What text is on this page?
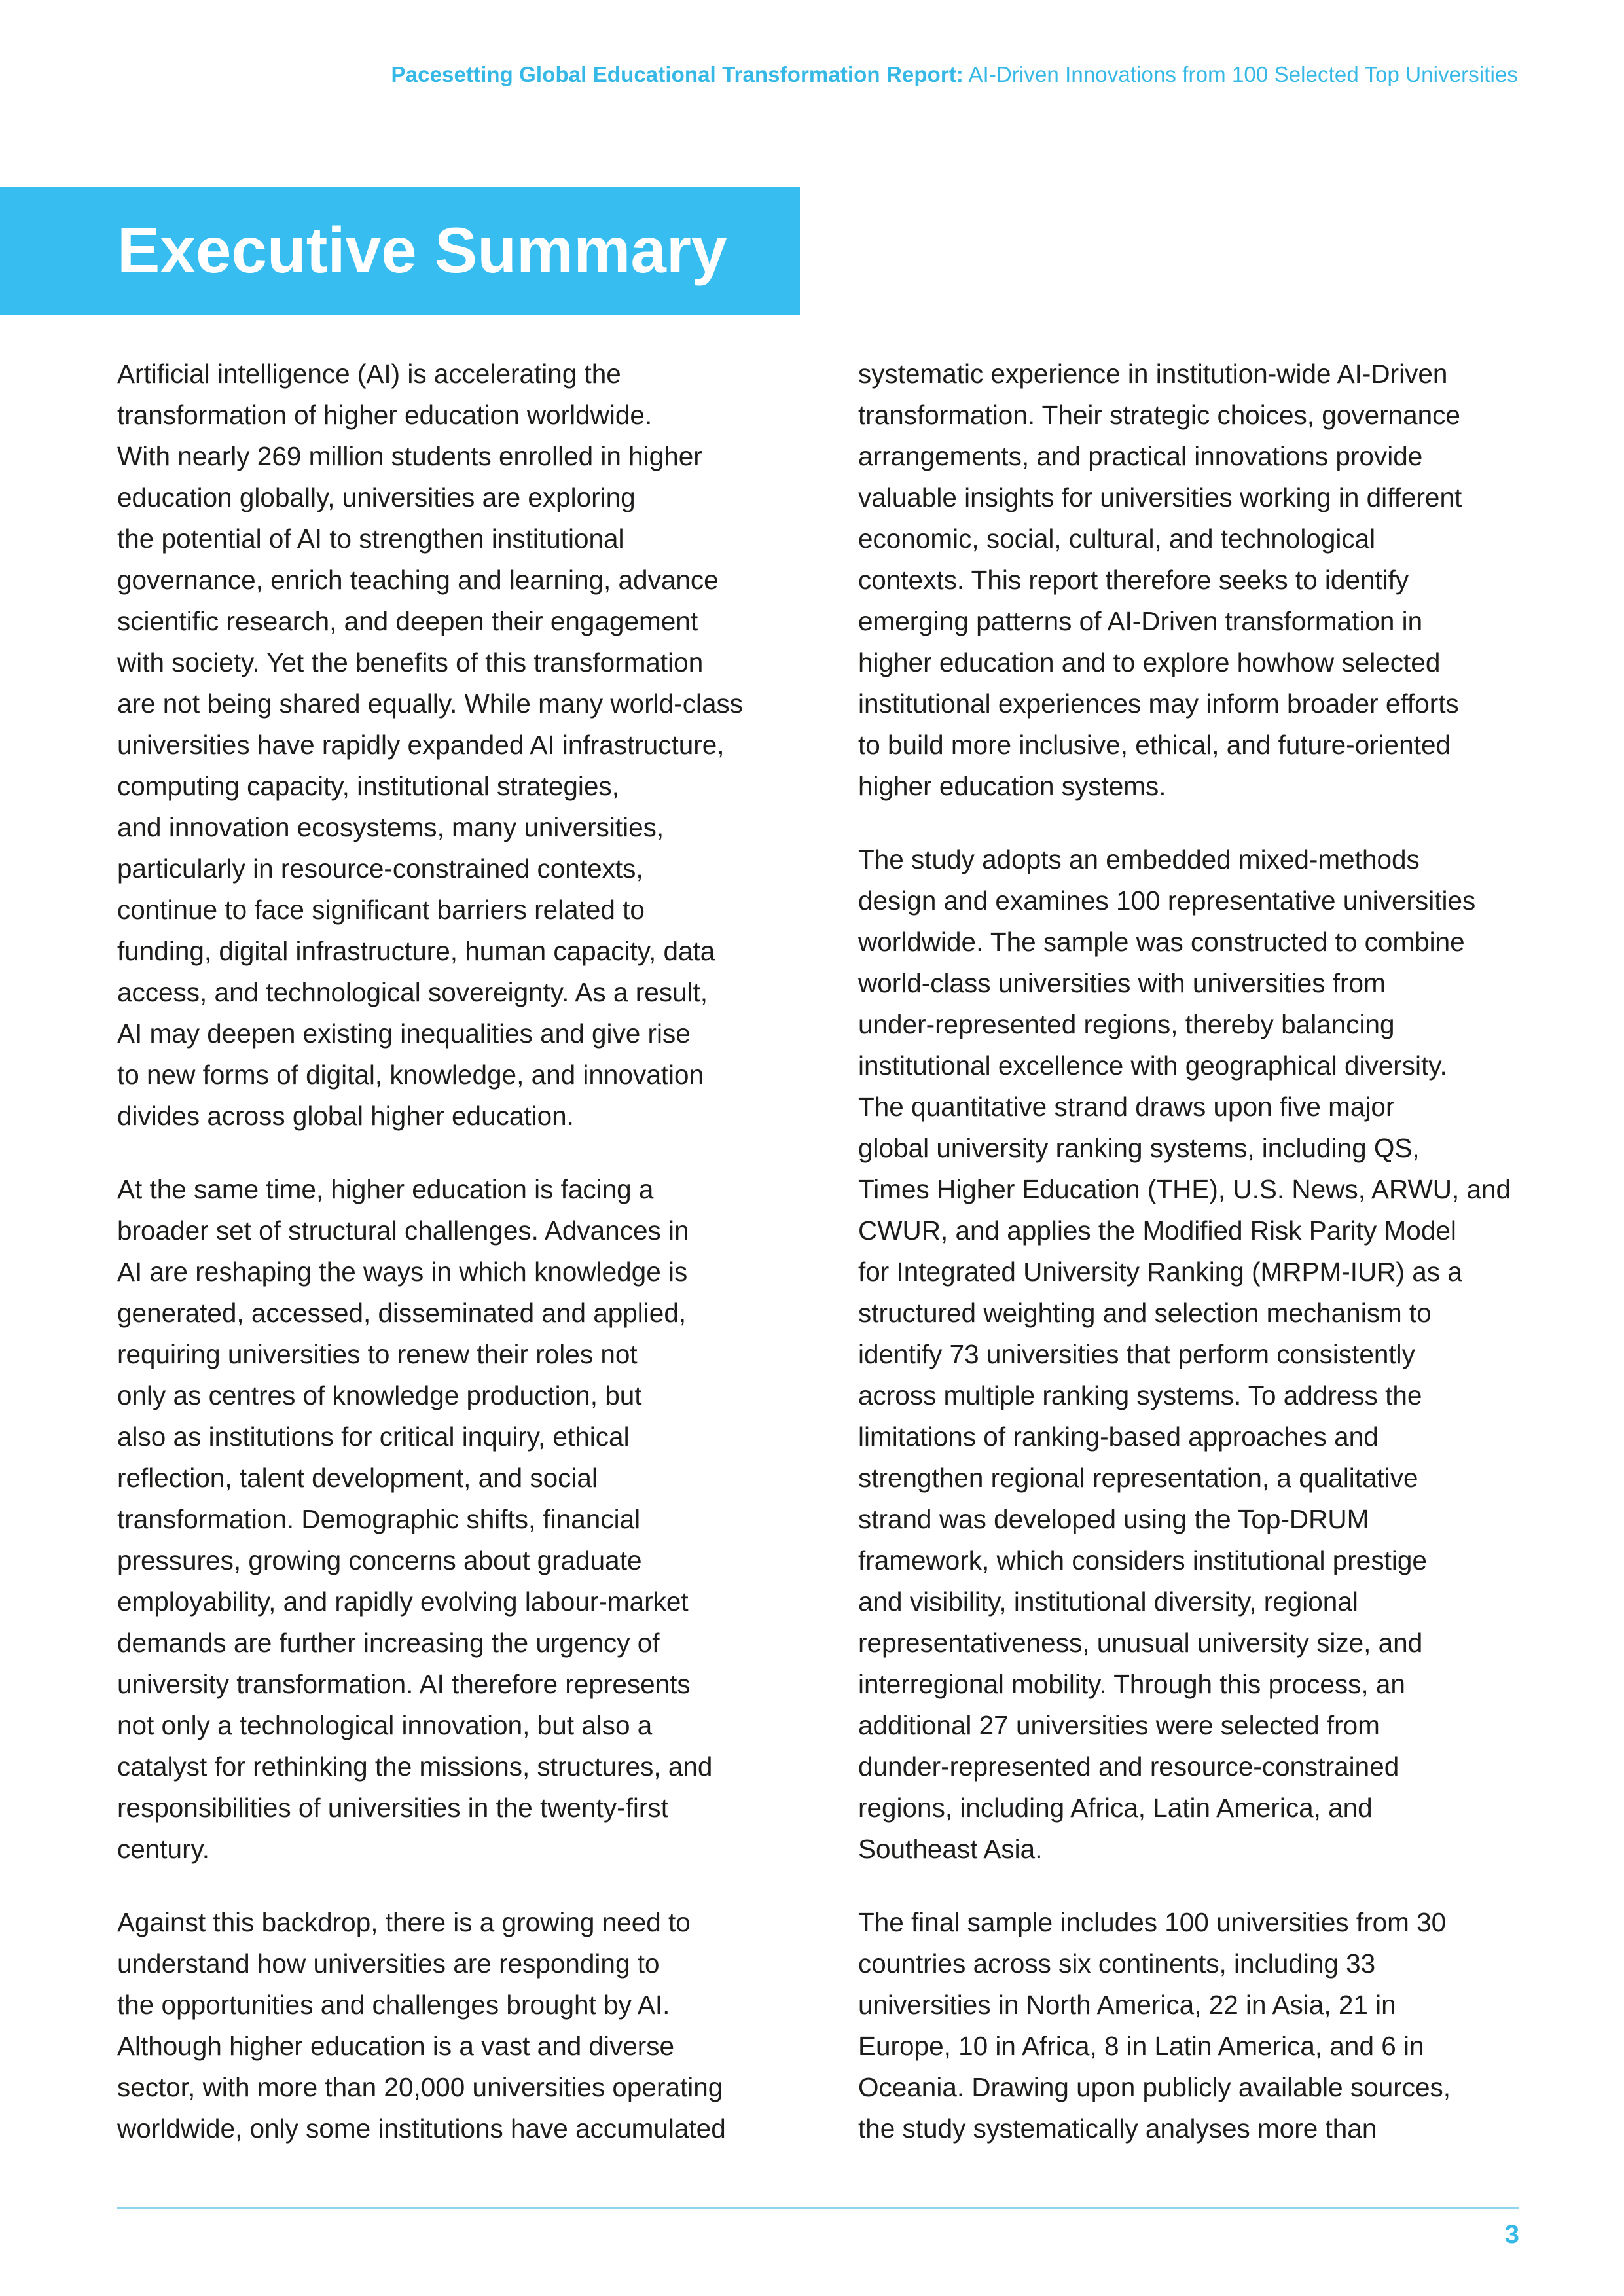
Pacesetting Global Educational Transformation Report: AI-Driven Innovations from 100 Selected Top Universities
Executive Summary

Artificial intelligence (AI) is accelerating the
transformation of higher education worldwide.
With nearly 269 million students enrolled in higher
education globally, universities are exploring
the potential of AI to strengthen institutional
governance, enrich teaching and learning, advance
scientific research, and deepen their engagement
with society. Yet the benefits of this transformation
are not being shared equally. While many world-class
universities have rapidly expanded AI infrastructure,
computing capacity, institutional strategies,
and innovation ecosystems, many universities,
particularly in resource-constrained contexts,
continue to face significant barriers related to
funding, digital infrastructure, human capacity, data
access, and technological sovereignty. As a result,
AI may deepen existing inequalities and give rise
to new forms of digital, knowledge, and innovation
divides across global higher education.

At the same time, higher education is facing a
broader set of structural challenges. Advances in
AI are reshaping the ways in which knowledge is
generated, accessed, disseminated and applied,
requiring universities to renew their roles not
only as centres of knowledge production, but
also as institutions for critical inquiry, ethical
reflection, talent development, and social
transformation. Demographic shifts, financial
pressures, growing concerns about graduate
employability, and rapidly evolving labour-market
demands are further increasing the urgency of
university transformation. AI therefore represents
not only a technological innovation, but also a
catalyst for rethinking the missions, structures, and
responsibilities of universities in the twenty-first
century.

Against this backdrop, there is a growing need to
understand how universities are responding to
the opportunities and challenges brought by AI.
Although higher education is a vast and diverse
sector, with more than 20,000 universities operating
worldwide, only some institutions have accumulated

systematic experience in institution-wide AI-Driven
transformation. Their strategic choices, governance
arrangements, and practical innovations provide
valuable insights for universities working in different
economic, social, cultural, and technological
contexts. This report therefore seeks to identify
emerging patterns of AI-Driven transformation in
higher education and to explore howhow selected
institutional experiences may inform broader efforts
to build more inclusive, ethical, and future-oriented
higher education systems.

The study adopts an embedded mixed-methods
design and examines 100 representative universities
worldwide. The sample was constructed to combine
world-class universities with universities from
under-represented regions, thereby balancing
institutional excellence with geographical diversity.
The quantitative strand draws upon five major
global university ranking systems, including QS,
Times Higher Education (THE), U.S. News, ARWU, and
CWUR, and applies the Modified Risk Parity Model
for Integrated University Ranking (MRPM-IUR) as a
structured weighting and selection mechanism to
identify 73 universities that perform consistently
across multiple ranking systems. To address the
limitations of ranking-based approaches and
strengthen regional representation, a qualitative
strand was developed using the Top-DRUM
framework, which considers institutional prestige
and visibility, institutional diversity, regional
representativeness, unusual university size, and
interregional mobility. Through this process, an
additional 27 universities were selected from
dunder-represented and resource-constrained
regions, including Africa, Latin America, and
Southeast Asia.

The final sample includes 100 universities from 30
countries across six continents, including 33
universities in North America, 22 in Asia, 21 in
Europe, 10 in Africa, 8 in Latin America, and 6 in
Oceania. Drawing upon publicly available sources,
the study systematically analyses more than

3
